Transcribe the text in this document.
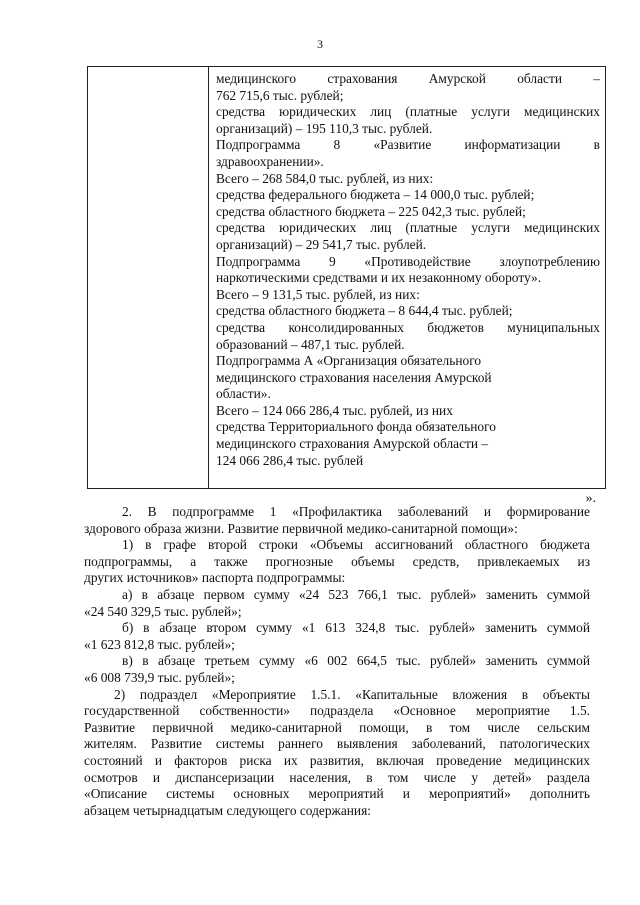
3
медицинского страхования Амурской области –
762 715,6 тыс. рублей;
средства юридических лиц (платные услуги медицинских
организаций) – 195 110,3 тыс. рублей.
Подпрограмма 8 «Развитие информатизации в
здравоохранении».
Всего – 268 584,0 тыс. рублей, из них:
средства федерального бюджета – 14 000,0 тыс. рублей;
средства областного бюджета – 225 042,3 тыс. рублей;
средства юридических лиц (платные услуги медицинских
организаций) – 29 541,7 тыс. рублей.
Подпрограмма 9 «Противодействие злоупотреблению
наркотическими средствами и их незаконному обороту».
Всего – 9 131,5 тыс. рублей, из них:
средства областного бюджета – 8 644,4 тыс. рублей;
средства консолидированных бюджетов муниципальных
образований – 487,1 тыс. рублей.
Подпрограмма А «Организация обязательного
медицинского страхования населения Амурской
области».
Всего – 124 066 286,4 тыс. рублей, из них
средства Территориального фонда обязательного
медицинского страхования Амурской области –
124 066 286,4 тыс. рублей
».
2. В подпрограмме 1 «Профилактика заболеваний и формирование
здорового образа жизни. Развитие первичной медико-санитарной помощи»:
1) в графе второй строки «Объемы ассигнований областного бюджета
подпрограммы, а также прогнозные объемы средств, привлекаемых из
других источников» паспорта подпрограммы:
а) в абзаце первом сумму «24 523 766,1 тыс. рублей» заменить суммой
«24 540 329,5 тыс. рублей»;
б) в абзаце втором сумму «1 613 324,8 тыс. рублей» заменить суммой
«1 623 812,8 тыс. рублей»;
в) в абзаце третьем сумму «6 002 664,5 тыс. рублей» заменить суммой
«6 008 739,9 тыс. рублей»;
2) подраздел «Мероприятие 1.5.1. «Капитальные вложения в объекты
государственной собственности» подраздела «Основное мероприятие 1.5.
Развитие первичной медико-санитарной помощи, в том числе сельским
жителям. Развитие системы раннего выявления заболеваний, патологических
состояний и факторов риска их развития, включая проведение медицинских
осмотров и диспансеризации населения, в том числе у детей» раздела
«Описание системы основных мероприятий и мероприятий» дополнить
абзацем четырнадцатым следующего содержания:
